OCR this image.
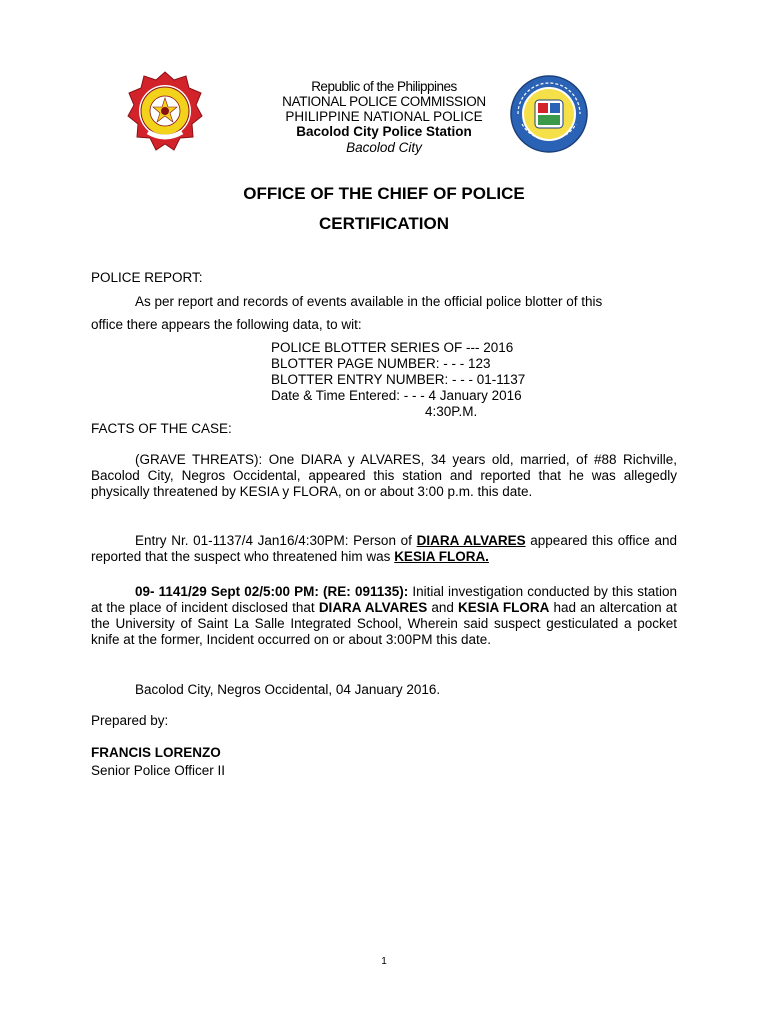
Republic of the Philippines
NATIONAL POLICE COMMISSION
PHILIPPINE NATIONAL POLICE
Bacolod City Police Station
Bacolod City
OFFICE OF THE CHIEF OF POLICE
CERTIFICATION
POLICE REPORT:
As per report and records of events available in the official police blotter of this
office there appears the following data, to wit:
POLICE BLOTTER SERIES OF --- 2016
BLOTTER PAGE NUMBER: - - - 123
BLOTTER ENTRY NUMBER: - - - 01-1137
Date & Time Entered: - - - 4 January 2016
4:30P.M.
FACTS OF THE CASE:
(GRAVE THREATS): One DIARA y ALVARES, 34 years old, married, of #88 Richville, Bacolod City, Negros Occidental, appeared this station and reported that he was allegedly physically threatened by KESIA y FLORA, on or about 3:00 p.m. this date.
Entry Nr. 01-1137/4 Jan16/4:30PM: Person of DIARA ALVARES appeared this office and reported that the suspect who threatened him was KESIA FLORA.
09- 1141/29 Sept 02/5:00 PM: (RE: 091135): Initial investigation conducted by this station at the place of incident disclosed that DIARA ALVARES and KESIA FLORA had an altercation at the University of Saint La Salle Integrated School, Wherein said suspect gesticulated a pocket knife at the former, Incident occurred on or about 3:00PM this date.
Bacolod City, Negros Occidental, 04 January 2016.
Prepared by:
FRANCIS LORENZO
Senior Police Officer II
1
